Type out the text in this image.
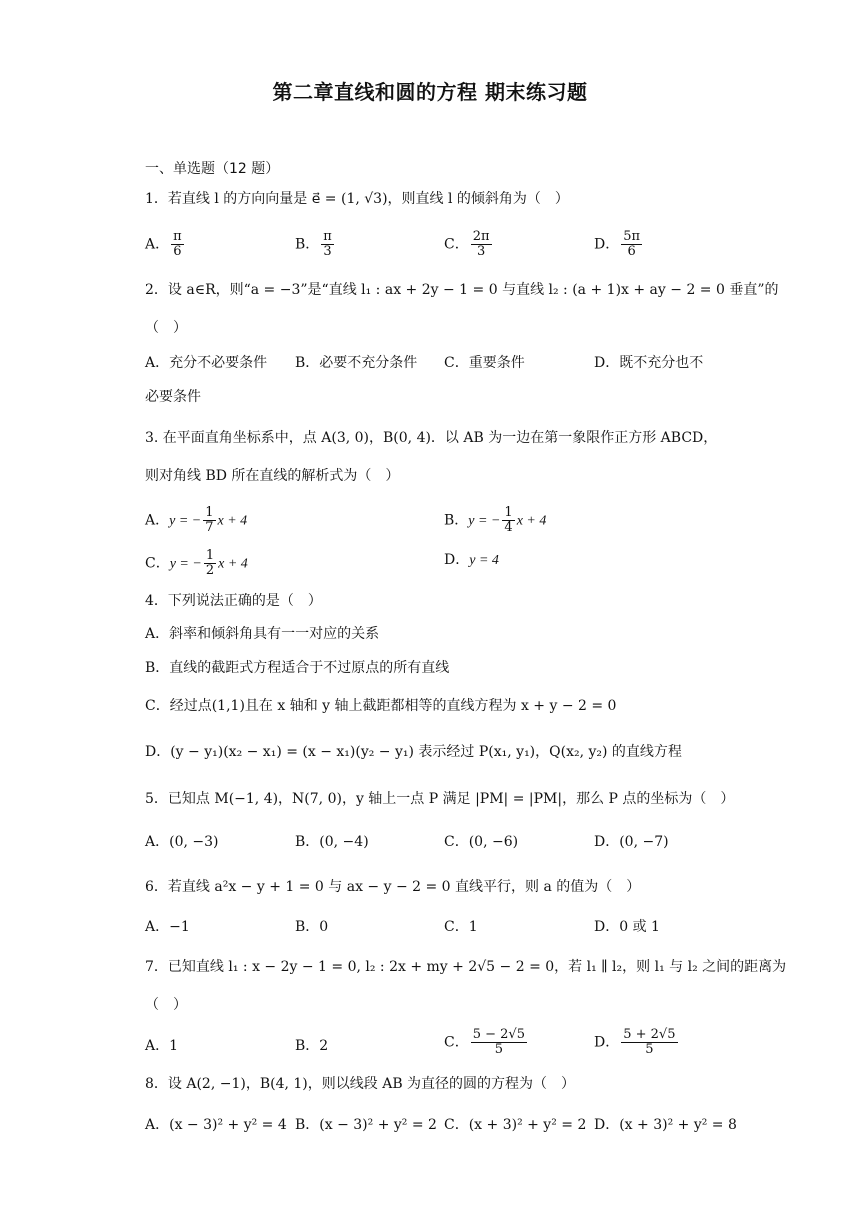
第二章直线和圆的方程 期末练习题
一、单选题（12 题）
1．若直线 l 的方向向量是 e⃗ = (1, √3)，则直线 l 的倾斜角为（　）
A． $\frac{\pi}{6}$	B． $\frac{\pi}{3}$	C． $\frac{2\pi}{3}$	D． $\frac{5\pi}{6}$
2．设 a∈R，则“a = −3”是“直线 l₁ : ax + 2y − 1 = 0 与直线 l₂ : (a + 1)x + ay − 2 = 0 垂直”的
（　）
A．充分不必要条件 B．必要不充分条件 C．重要条件	D．既不充分也不
必要条件
3. 在平面直角坐标系中，点 A(3, 0)，B(0, 4)．以 AB 为一边在第一象限作正方形 ABCD，
则对角线 BD 所在直线的解析式为（　）
A．y = − $\frac{1}{7}$ x + 4	B．y = − $\frac{1}{4}$ x + 4
C．y = − $\frac{1}{2}$ x + 4	D．y = 4
4．下列说法正确的是（　）
A．斜率和倾斜角具有一一对应的关系
B．直线的截距式方程适合于不过原点的所有直线
C．经过点(1,1)且在 x 轴和 y 轴上截距都相等的直线方程为 x + y − 2 = 0
D．(y − y₁)(x₂ − x₁) = (x − x₁)(y₂ − y₁) 表示经过 P(x₁, y₁)，Q(x₂, y₂) 的直线方程
5．已知点 M(−1, 4)，N(7, 0)，y 轴上一点 P 满足 |PM| = |PM|，那么 P 点的坐标为（　）
A．(0, −3)	B．(0, −4)	C．(0, −6)	D．(0, −7)
6．若直线 a²x − y + 1 = 0 与 ax − y − 2 = 0 直线平行，则 a 的值为（　）
A．−1	B．0	C．1	D．0 或 1
7．已知直线 l₁ : x − 2y − 1 = 0, l₂ : 2x + my + 2√5 − 2 = 0，若 l₁ ∥ l₂，则 l₁ 与 l₂ 之间的距离为
（　）
A．1	B．2	C． $\frac{5 - 2√5}{5}$	D． $\frac{5 + 2√5}{5}$
8．设 A(2, −1)，B(4, 1)，则以线段 AB 为直径的圆的方程为（　）
A．(x − 3)² + y² = 4 B．(x − 3)² + y² = 2 C．(x + 3)² + y² = 2 D．(x + 3)² + y² = 8
